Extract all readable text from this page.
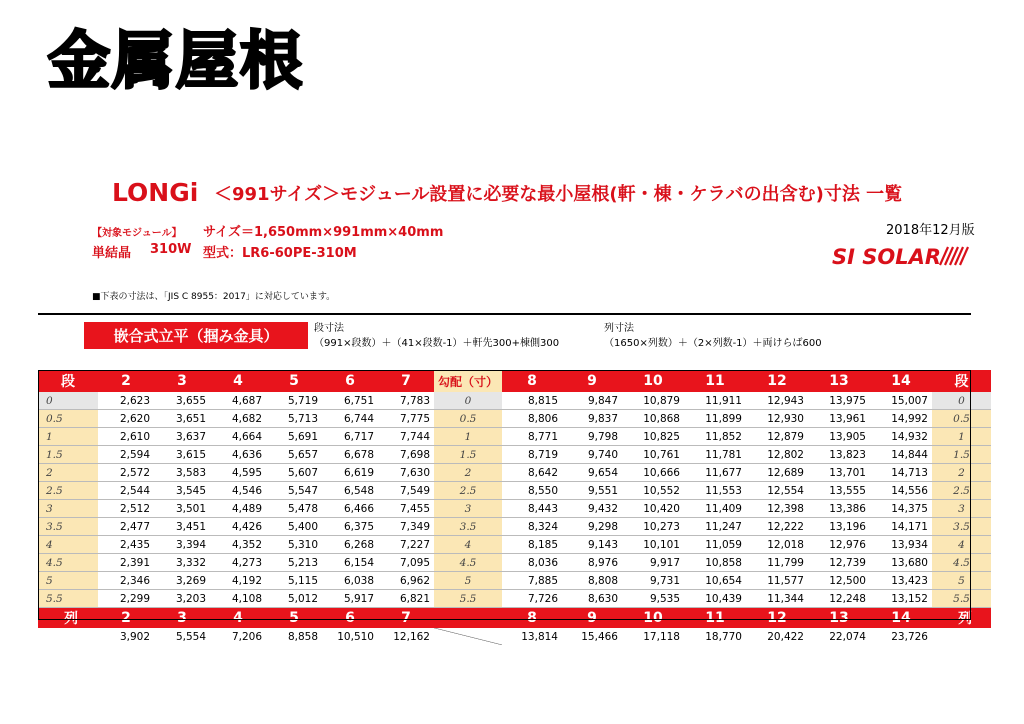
金属屋根
LONGi ＜991サイズ＞モジュール設置に必要な最小屋根(軒・棟・ケラバの出含む)寸法 一覧
【対象モジュール】 サイズ＝1,650mm×991mm×40mm
単結晶 310W 型式：LR6-60PE-310M
2018年12月版
SI SOLAR
■下表の寸法は、「JIS C 8955：2017」に対応しています。
嵌合式立平（掴み金具）	段寸法
（991×段数）＋（41×段数-1）＋軒先300+棟側300
列寸法
（1650×列数）＋（2×列数-1）＋両けらば600
段	2	3	4	5	6	7	勾配（寸）	8	9	10	11	12	13	14	段
0	2,623	3,655	4,687	5,719	6,751	7,783	0	8,815	9,847	10,879	11,911	12,943	13,975	15,007	0
0.5	2,620	3,651	4,682	5,713	6,744	7,775	0.5	8,806	9,837	10,868	11,899	12,930	13,961	14,992	0.5
1	2,610	3,637	4,664	5,691	6,717	7,744	1	8,771	9,798	10,825	11,852	12,879	13,905	14,932	1
1.5	2,594	3,615	4,636	5,657	6,678	7,698	1.5	8,719	9,740	10,761	11,781	12,802	13,823	14,844	1.5
2	2,572	3,583	4,595	5,607	6,619	7,630	2	8,642	9,654	10,666	11,677	12,689	13,701	14,713	2
2.5	2,544	3,545	4,546	5,547	6,548	7,549	2.5	8,550	9,551	10,552	11,553	12,554	13,555	14,556	2.5
3	2,512	3,501	4,489	5,478	6,466	7,455	3	8,443	9,432	10,420	11,409	12,398	13,386	14,375	3
3.5	2,477	3,451	4,426	5,400	6,375	7,349	3.5	8,324	9,298	10,273	11,247	12,222	13,196	14,171	3.5
4	2,435	3,394	4,352	5,310	6,268	7,227	4	8,185	9,143	10,101	11,059	12,018	12,976	13,934	4
4.5	2,391	3,332	4,273	5,213	6,154	7,095	4.5	8,036	8,976	9,917	10,858	11,799	12,739	13,680	4.5
5	2,346	3,269	4,192	5,115	6,038	6,962	5	7,885	8,808	9,731	10,654	11,577	12,500	13,423	5
5.5	2,299	3,203	4,108	5,012	5,917	6,821	5.5	7,726	8,630	9,535	10,439	11,344	12,248	13,152	5.5
列	2	3	4	5	6	7		8	9	10	11	12	13	14	列
	3,902	5,554	7,206	8,858	10,510	12,162		13,814	15,466	17,118	18,770	20,422	22,074	23,726	
